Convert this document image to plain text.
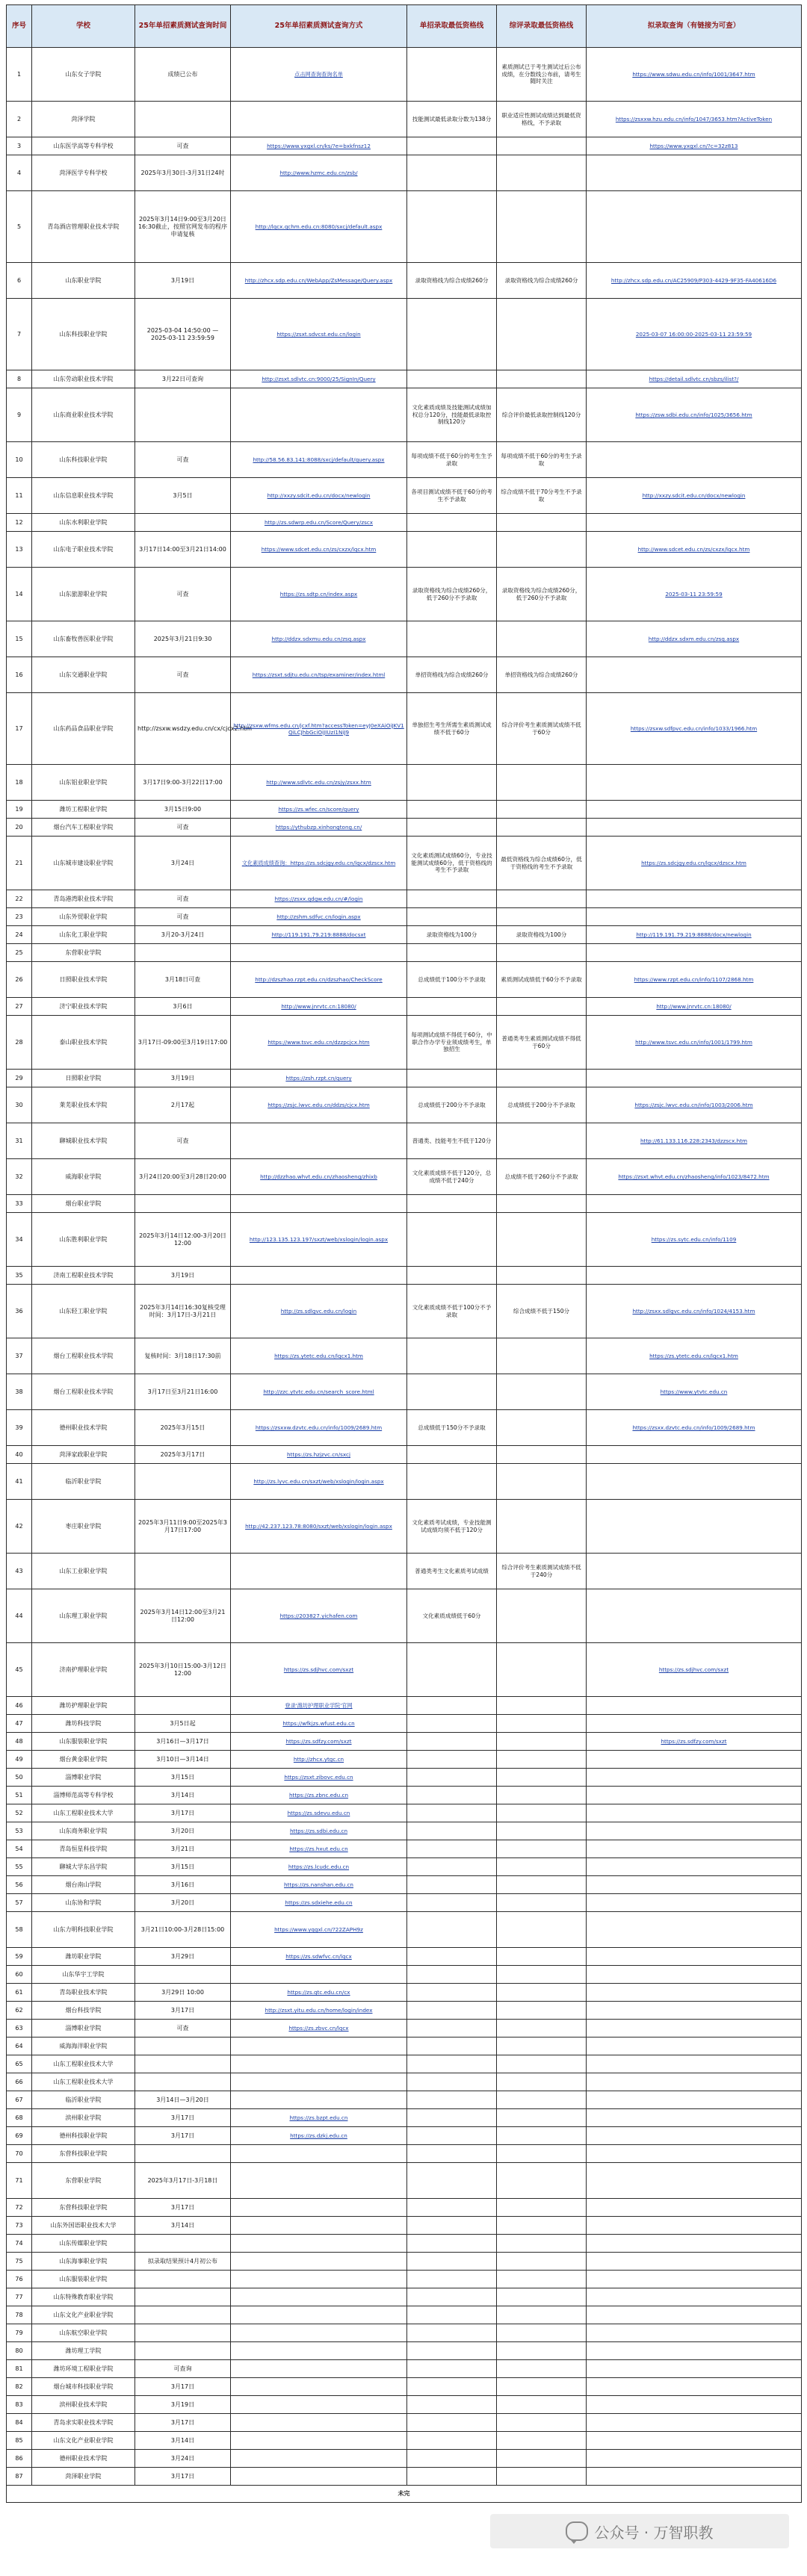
序号	学校	25年单招素质测试查询时间	25年单招素质测试查询方式	单招录取最低资格线	综评录取最低资格线	拟录取查询（有链接为可查）
1	山东女子学院	成绩已公布	点击网查询查询名单		素质测试已于考生测试过后公布成绩，在分数线公布前，请考生随时关注	https://www.sdwu.edu.cn/info/1001/3647.htm
2	菏泽学院			技能测试最低录取分数为138分	职业适应性测试成绩达到最低资格线，不予录取	https://zsxxw.hzu.edu.cn/info/1047/3653.htm?ActiveToken
3	山东医学高等专科学校	可查	https://www.yxgxl.cn/ks/?e=bxkfnsz12			https://www.yxgxl.cn/?c=32z813
4	菏泽医学专科学校	2025年3月30日-3月31日24时	http://www.hzmc.edu.cn/zsb/			
5	青岛酒店管理职业技术学院	2025年3月14日9:00至3月20日16:30截止，按照官网发布的程序申请复核	http://lqcx.qchm.edu.cn:8080/sxcj/default.aspx			
6	山东职业学院	3月19日	http://zhcx.sdp.edu.cn/WebApp/ZsMessage/Query.aspx	录取资格线为综合成绩260分	录取资格线为综合成绩260分	http://zhcx.sdp.edu.cn/AC25909/P303-4429-9F35-FA40616D6
7	山东科技职业学院	2025-03-04 14:50:00 — 2025-03-11 23:59:59	https://zsxt.sdvcst.edu.cn/login			2025-03-07 16:00:00-2025-03-11 23:59:59
8	山东劳动职业技术学院	3月22日可查询	http://zsxt.sdlvtc.cn:9000/25/SignIn/Query			https://detail.sdlvtc.cn/sbzs/ilist?/
9	山东商业职业技术学院			文化素质成绩及技能测试成绩加权总分120分，技能最低录取控制线120分	综合评价最低录取控制线120分	https://zsw.sdbi.edu.cn/info/1025/3656.htm
10	山东科技职业学院	可查	http://58.56.83.141:8088/sxcj/default/query.aspx	每项成绩不低于60分的考生生予录取	每项成绩不低于60分的考生予录取	
11	山东信息职业技术学院	3月5日	http://xxzy.sdcit.edu.cn/docx/newlogin	各项目测试成绩不低于60分的考生不予录取	综合成绩不低于70分考生不予录取	http://xxzy.sdcit.edu.cn/docx/newlogin
12	山东水利职业学院		http://zs.sdwrp.edu.cn/Score/Query/zscx			
13	山东电子职业技术学院	3月17日14:00至3月21日14:00	https://www.sdcet.edu.cn/zs/cxzx/lqcx.htm			http://www.sdcet.edu.cn/zs/cxzx/lqcx.htm
14	山东旅游职业学院	可查	https://zs.sdtp.cn/index.aspx	录取资格线为综合成绩260分，低于260分不予录取	录取资格线为综合成绩260分，低于260分不予录取	2025-03-11 23:59:59
15	山东畜牧兽医职业学院	2025年3月21日9:30	http://ddzx.sdxmu.edu.cn/zsq.aspx			http://ddzx.sdxm.edu.cn/zsq.aspx
16	山东交通职业学院	可查	https://zsxt.sdjtu.edu.cn/tsp/examiner/index.html	单招资格线为综合成绩260分	单招资格线为综合成绩260分	
17	山东药品食品职业学院	http://zsxw.wsdzy.edu.cn/cx/cjcx2.htm	http://zsxw.wfms.edu.cn/jcxf.htm?accessToken=eyJ0eXAiOiJKV1QiLCJhbGciOiJIUzI1NiJ9	单独招生考生所需生素质测试成绩不低于60分	综合评价考生素质测试成绩不低于60分	https://zsxw.sdfpvc.edu.cn/info/1033/1966.htm
18	山东铝业职业学院	3月17日9:00-3月22日17:00	http://www.sdlvtc.edu.cn/zsjy/zsxx.htm			
19	潍坊工程职业学院	3月15日9:00	https://zs.wfec.cn/score/query			
20	烟台汽车工程职业学院	可查	https://ythubzp.xinhongtong.cn/			
21	山东城市建设职业学院	3月24日	文化素质成绩查询：https://zs.sdcjgy.edu.cn/lqcx/dzscx.htm	文化素质测试成绩60分，专业技能测试成绩60分，低于资格线的考生不予录取	最低资格线为综合成绩60分，低于资格线的考生不予录取	https://zs.sdcjgy.edu.cn/lqcx/dzscx.htm
22	青岛港湾职业技术学院	可查	https://zsxx.qdgw.edu.cn/#/login			
23	山东外贸职业学院	可查	http://zshm.sdfvc.cn/login.aspx			
24	山东化工职业学院	3月20-3月24日	http://119.191.79.219:8888/docsxt	录取资格线为100分	录取资格线为100分	http://119.191.79.219:8888/docx/newlogin
25	东营职业学院					
26	日照职业技术学院	3月18日可查	http://dzszhao.rzpt.edu.cn/dzszhao/CheckScore	总成绩低于100分不予录取	素质测试成绩低于60分不予录取	https://www.rzpt.edu.cn/info/1107/2868.htm
27	济宁职业技术学院	3月6日	http://www.jnrvtc.cn:18080/			http://www.jnrvtc.cn:18080/
28	泰山职业技术学院	3月17日-09:00至3月19日17:00	https://www.tsvc.edu.cn/dzzpcjcx.htm	每项测试成绩不得低于60分，中职合作办学专业须成绩考生，单独招生	普通类考生素质测试成绩不得低于60分	http://www.tsvc.edu.cn/info/1001/1799.htm
29	日照职业学院	3月19日	https://zsh.rzpt.cn/query			
30	莱芜职业技术学院	2月17起	https://zsjc.lwvc.edu.cn/ddzs/cjcx.htm	总成绩低于200分不予录取	总成绩低于200分不予录取	https://zsjc.lwvc.edu.cn/info/1003/2006.htm
31	聊城职业技术学院	可查		普通类、技能考生不低于120分		http://61.133.116.228:2343/dzzscx.htm
32	威海职业学院	3月24日20:00至3月28日20:00	http://dzzhao.whvt.edu.cn/zhaosheng/zhixb	文化素质成绩不低于120分，总成绩不低于240分	总成绩不低于260分不予录取	https://zsxt.whvt.edu.cn/zhaosheng/info/1023/8472.htm
33	烟台职业学院					
34	山东胜利职业学院	2025年3月14日12:00-3月20日12:00	http://123.135.123.197/sxzt/web/xslogin/login.aspx			https://zs.sytc.edu.cn/info/1109
35	济南工程职业技术学院	3月19日				
36	山东轻工职业学院	2025年3月14日16:30复核受理时间：3月17日-3月21日	http://zs.sdlgvc.edu.cn/login	文化素质成绩不低于100分不予录取	综合成绩不低于150分	http://zsxx.sdlgvc.edu.cn/info/1024/4153.htm
37	烟台工程职业技术学院	复核时间：3月18日17:30前	https://zs.ytetc.edu.cn/lqcx1.htm			https://zs.ytetc.edu.cn/lqcx1.htm
38	烟台工程职业技术学院	3月17日至3月21日16:00	http://zzc.ytvtc.edu.cn/search_score.html			https://www.ytvtc.edu.cn
39	德州职业技术学院	2025年3月15日	https://zsxxw.dzvtc.edu.cn/info/1009/2689.htm	总成绩低于150分不予录取		https://zsxx.dzvtc.edu.cn/info/1009/2689.htm
40	菏泽家政职业学院	2025年3月17日	https://zs.hzjzvc.cn/sxcj			
41	临沂职业学院		http://zs.lyvc.edu.cn/sxzt/web/xslogin/login.aspx			
42	枣庄职业学院	2025年3月11日9:00至2025年3月17日17:00	http://42.237.123.78:8080/sxzt/web/xslogin/login.aspx	文化素质考试成绩，专业技能测试成绩均须不低于120分		
43	山东工业职业学院			普通类考生文化素质考试成绩	综合评价考生素质测试成绩不低于240分	
44	山东理工职业学院	2025年3月14日12:00至3月21日12:00	https://203827.yichafen.com	文化素质成绩低于60分		
45	济南护理职业学院	2025年3月10日15:00-3月12日12:00	https://zs.sdjhvc.com/sxzt			https://zs.sdjhvc.com/sxzt
46	潍坊护理职业学院		登录'潍坊护理职业学院'官网			
47	潍坊科技学院	3月5日起	https://wfkjzs.wfust.edu.cn			
48	山东服装职业学院	3月16日—3月17日	https://zs.sdfzy.com/sxzt			https://zs.sdfzy.com/sxzt
49	烟台黄金职业学院	3月10日—3月14日	http://zhcx.ytgc.cn			
50	淄博职业学院	3月15日	https://zsxt.zibovc.edu.cn			
51	淄博师范高等专科学校	3月14日	https://zs.zbnc.edu.cn			
52	山东工程职业技术大学	3月17日	https://zs.sdevu.edu.cn			
53	山东商务职业学院	3月20日	https://zs.sdbi.edu.cn			
54	青岛恒星科技学院	3月21日	https://zs.hxut.edu.cn			
55	聊城大学东昌学院	3月15日	https://zs.lcudc.edu.cn			
56	烟台南山学院	3月16日	https://zs.nanshan.edu.cn			
57	山东协和学院	3月20日	https://zs.sdxiehe.edu.cn			
58	山东力明科技职业学院	3月21日10:00-3月28日15:00	https://www.yqgxl.cn/?22ZAPH9z			
59	潍坊职业学院	3月29日	https://zs.sdwfvc.cn/lqcx			
60	山东华宇工学院					
61	青岛职业技术学院	3月29日 10:00	https://zs.qtc.edu.cn/cx			
62	烟台科技学院	3月17日	http://zsxt.yitu.edu.cn/home/login/index			
63	淄博职业学院	可查	https://zs.zbvc.cn/lqcx			
64	威海海洋职业学院					
65	山东工程职业技术大学					
66	山东工程职业技术大学					
67	临沂职业学院	3月14日—3月20日				
68	滨州职业学院	3月17日	https://zs.bzpt.edu.cn			
69	德州科技职业学院	3月17日	https://zs.dzkj.edu.cn			
70	东营科技职业学院					
71	东营职业学院	2025年3月17日-3月18日				
72	东营科技职业学院	3月17日				
73	山东外国语职业技术大学	3月14日				
74	山东传媒职业学院					
75	山东海事职业学院	拟录取结果预计4月初公布				
76	山东服装职业学院					
77	山东特殊教育职业学院					
78	山东文化产业职业学院					
79	山东航空职业学院					
80	潍坊理工学院					
81	潍坊环境工程职业学院	可查询				
82	烟台城市科技职业学院	3月17日				
83	滨州职业技术学院	3月19日				
84	青岛求实职业技术学院	3月17日				
85	山东文化产业职业学院	3月14日				
86	德州职业技术学院	3月24日				
87	菏泽职业学院	3月17日				
未完						
公众号 · 万智职教
